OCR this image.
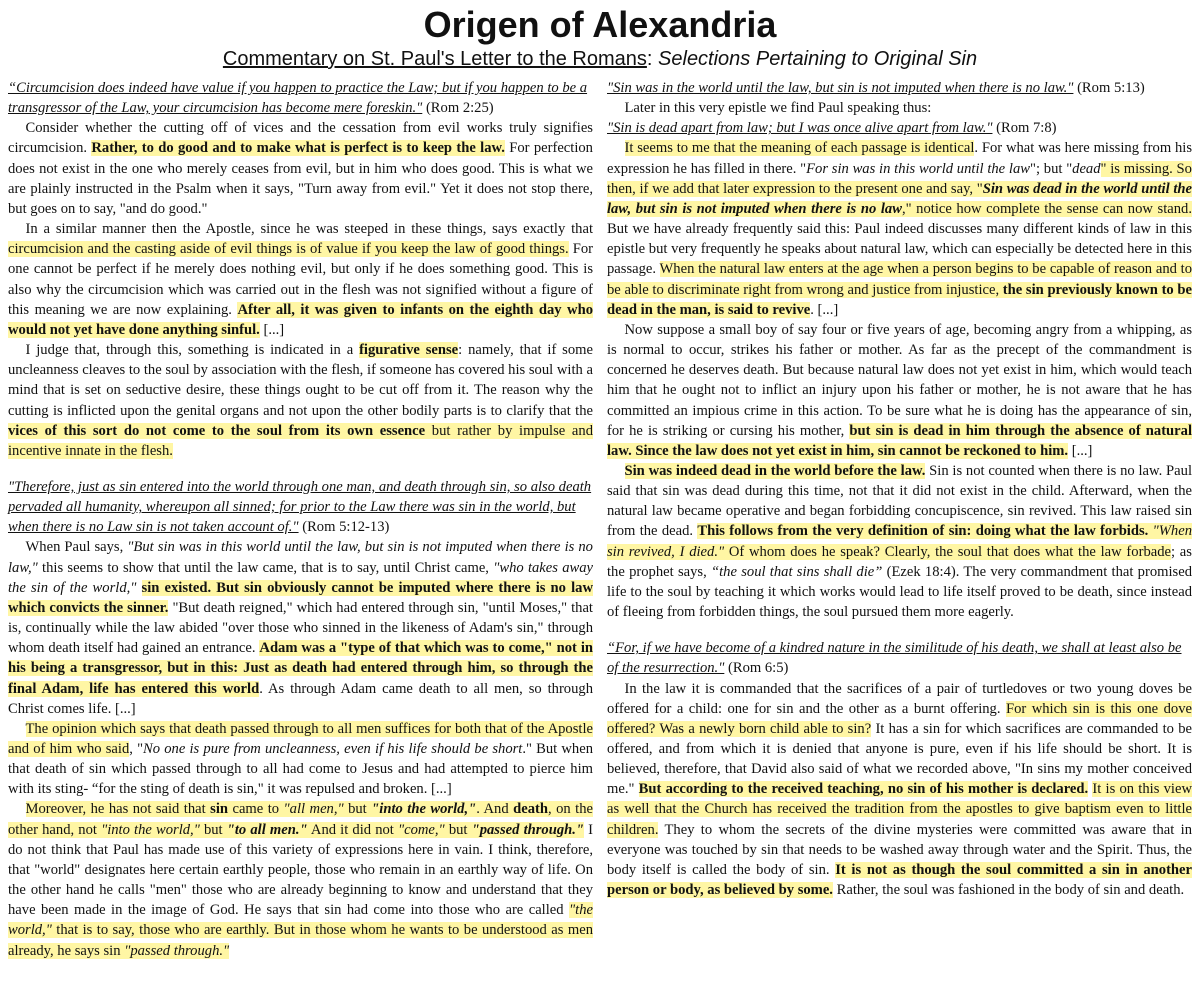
Origen of Alexandria
Commentary on St. Paul's Letter to the Romans: Selections Pertaining to Original Sin

“Circumcision does indeed have value if you happen to practice the Law; but if you happen to be a transgressor of the Law, your circumcision has become mere foreskin." (Rom 2:25)

Consider whether the cutting off of vices and the cessation from evil works truly signifies circumcision. Rather, to do good and to make what is perfect is to keep the law. For perfection does not exist in the one who merely ceases from evil, but in him who does good. This is what we are plainly instructed in the Psalm when it says, "Turn away from evil." Yet it does not stop there, but goes on to say, "and do good."

In a similar manner then the Apostle, since he was steeped in these things, says exactly that circumcision and the casting aside of evil things is of value if you keep the law of good things. For one cannot be perfect if he merely does nothing evil, but only if he does something good. This is also why the circumcision which was carried out in the flesh was not signified without a figure of this meaning we are now explaining. After all, it was given to infants on the eighth day who would not yet have done anything sinful. [...]

I judge that, through this, something is indicated in a figurative sense: namely, that if some uncleanness cleaves to the soul by association with the flesh, if someone has covered his soul with a mind that is set on seductive desire, these things ought to be cut off from it. The reason why the cutting is inflicted upon the genital organs and not upon the other bodily parts is to clarify that the vices of this sort do not come to the soul from its own essence but rather by impulse and incentive innate in the flesh.

"Therefore, just as sin entered into the world through one man, and death through sin, so also death pervaded all humanity, whereupon all sinned; for prior to the Law there was sin in the world, but when there is no Law sin is not taken account of." (Rom 5:12-13)

When Paul says, "But sin was in this world until the law, but sin is not imputed when there is no law," this seems to show that until the law came, that is to say, until Christ came, "who takes away the sin of the world," sin existed. But sin obviously cannot be imputed where there is no law which convicts the sinner. "But death reigned," which had entered through sin, "until Moses," that is, continually while the law abided "over those who sinned in the likeness of Adam's sin," through whom death itself had gained an entrance. Adam was a "type of that which was to come," not in his being a transgressor, but in this: Just as death had entered through him, so through the final Adam, life has entered this world. As through Adam came death to all men, so through Christ comes life. [...]

The opinion which says that death passed through to all men suffices for both that of the Apostle and of him who said, "No one is pure from uncleanness, even if his life should be short." But when that death of sin which passed through to all had come to Jesus and had attempted to pierce him with its sting- “for the sting of death is sin," it was repulsed and broken. [...]

Moreover, he has not said that sin came to "all men," but "into the world,". And death, on the other hand, not "into the world," but "to all men." And it did not "come," but "passed through." I do not think that Paul has made use of this variety of expressions here in vain. I think, therefore, that "world" designates here certain earthly people, those who remain in an earthly way of life. On the other hand he calls "men" those who are already beginning to know and understand that they have been made in the image of God. He says that sin had come into those who are called "the world," that is to say, those who are earthly. But in those whom he wants to be understood as men already, he says sin "passed through."

"Sin was in the world until the law, but sin is not imputed when there is no law." (Rom 5:13)

Later in this very epistle we find Paul speaking thus:

"Sin is dead apart from law; but I was once alive apart from law." (Rom 7:8)

It seems to me that the meaning of each passage is identical. For what was here missing from his expression he has filled in there. "For sin was in this world until the law"; but "dead" is missing. So then, if we add that later expression to the present one and say, "Sin was dead in the world until the law, but sin is not imputed when there is no law," notice how complete the sense can now stand. But we have already frequently said this: Paul indeed discusses many different kinds of law in this epistle but very frequently he speaks about natural law, which can especially be detected here in this passage. When the natural law enters at the age when a person begins to be capable of reason and to be able to discriminate right from wrong and justice from injustice, the sin previously known to be dead in the man, is said to revive. [...]

Now suppose a small boy of say four or five years of age, becoming angry from a whipping, as is normal to occur, strikes his father or mother. As far as the precept of the commandment is concerned he deserves death. But because natural law does not yet exist in him, which would teach him that he ought not to inflict an injury upon his father or mother, he is not aware that he has committed an impious crime in this action. To be sure what he is doing has the appearance of sin, for he is striking or cursing his mother, but sin is dead in him through the absence of natural law. Since the law does not yet exist in him, sin cannot be reckoned to him. [...]

Sin was indeed dead in the world before the law. Sin is not counted when there is no law. Paul said that sin was dead during this time, not that it did not exist in the child. Afterward, when the natural law became operative and began forbidding concupiscence, sin revived. This law raised sin from the dead. This follows from the very definition of sin: doing what the law forbids. "When sin revived, I died." Of whom does he speak? Clearly, the soul that does what the law forbade; as the prophet says, “the soul that sins shall die” (Ezek 18:4). The very commandment that promised life to the soul by teaching it which works would lead to life itself proved to be death, since instead of fleeing from forbidden things, the soul pursued them more eagerly.

“For, if we have become of a kindred nature in the similitude of his death, we shall at least also be of the resurrection." (Rom 6:5)

In the law it is commanded that the sacrifices of a pair of turtledoves or two young doves be offered for a child: one for sin and the other as a burnt offering. For which sin is this one dove offered? Was a newly born child able to sin? It has a sin for which sacrifices are commanded to be offered, and from which it is denied that anyone is pure, even if his life should be short. It is believed, therefore, that David also said of what we recorded above, "In sins my mother conceived me." But according to the received teaching, no sin of his mother is declared. It is on this view as well that the Church has received the tradition from the apostles to give baptism even to little children. They to whom the secrets of the divine mysteries were committed was aware that in everyone was touched by sin that needs to be washed away through water and the Spirit. Thus, the body itself is called the body of sin. It is not as though the soul committed a sin in another person or body, as believed by some. Rather, the soul was fashioned in the body of sin and death.
